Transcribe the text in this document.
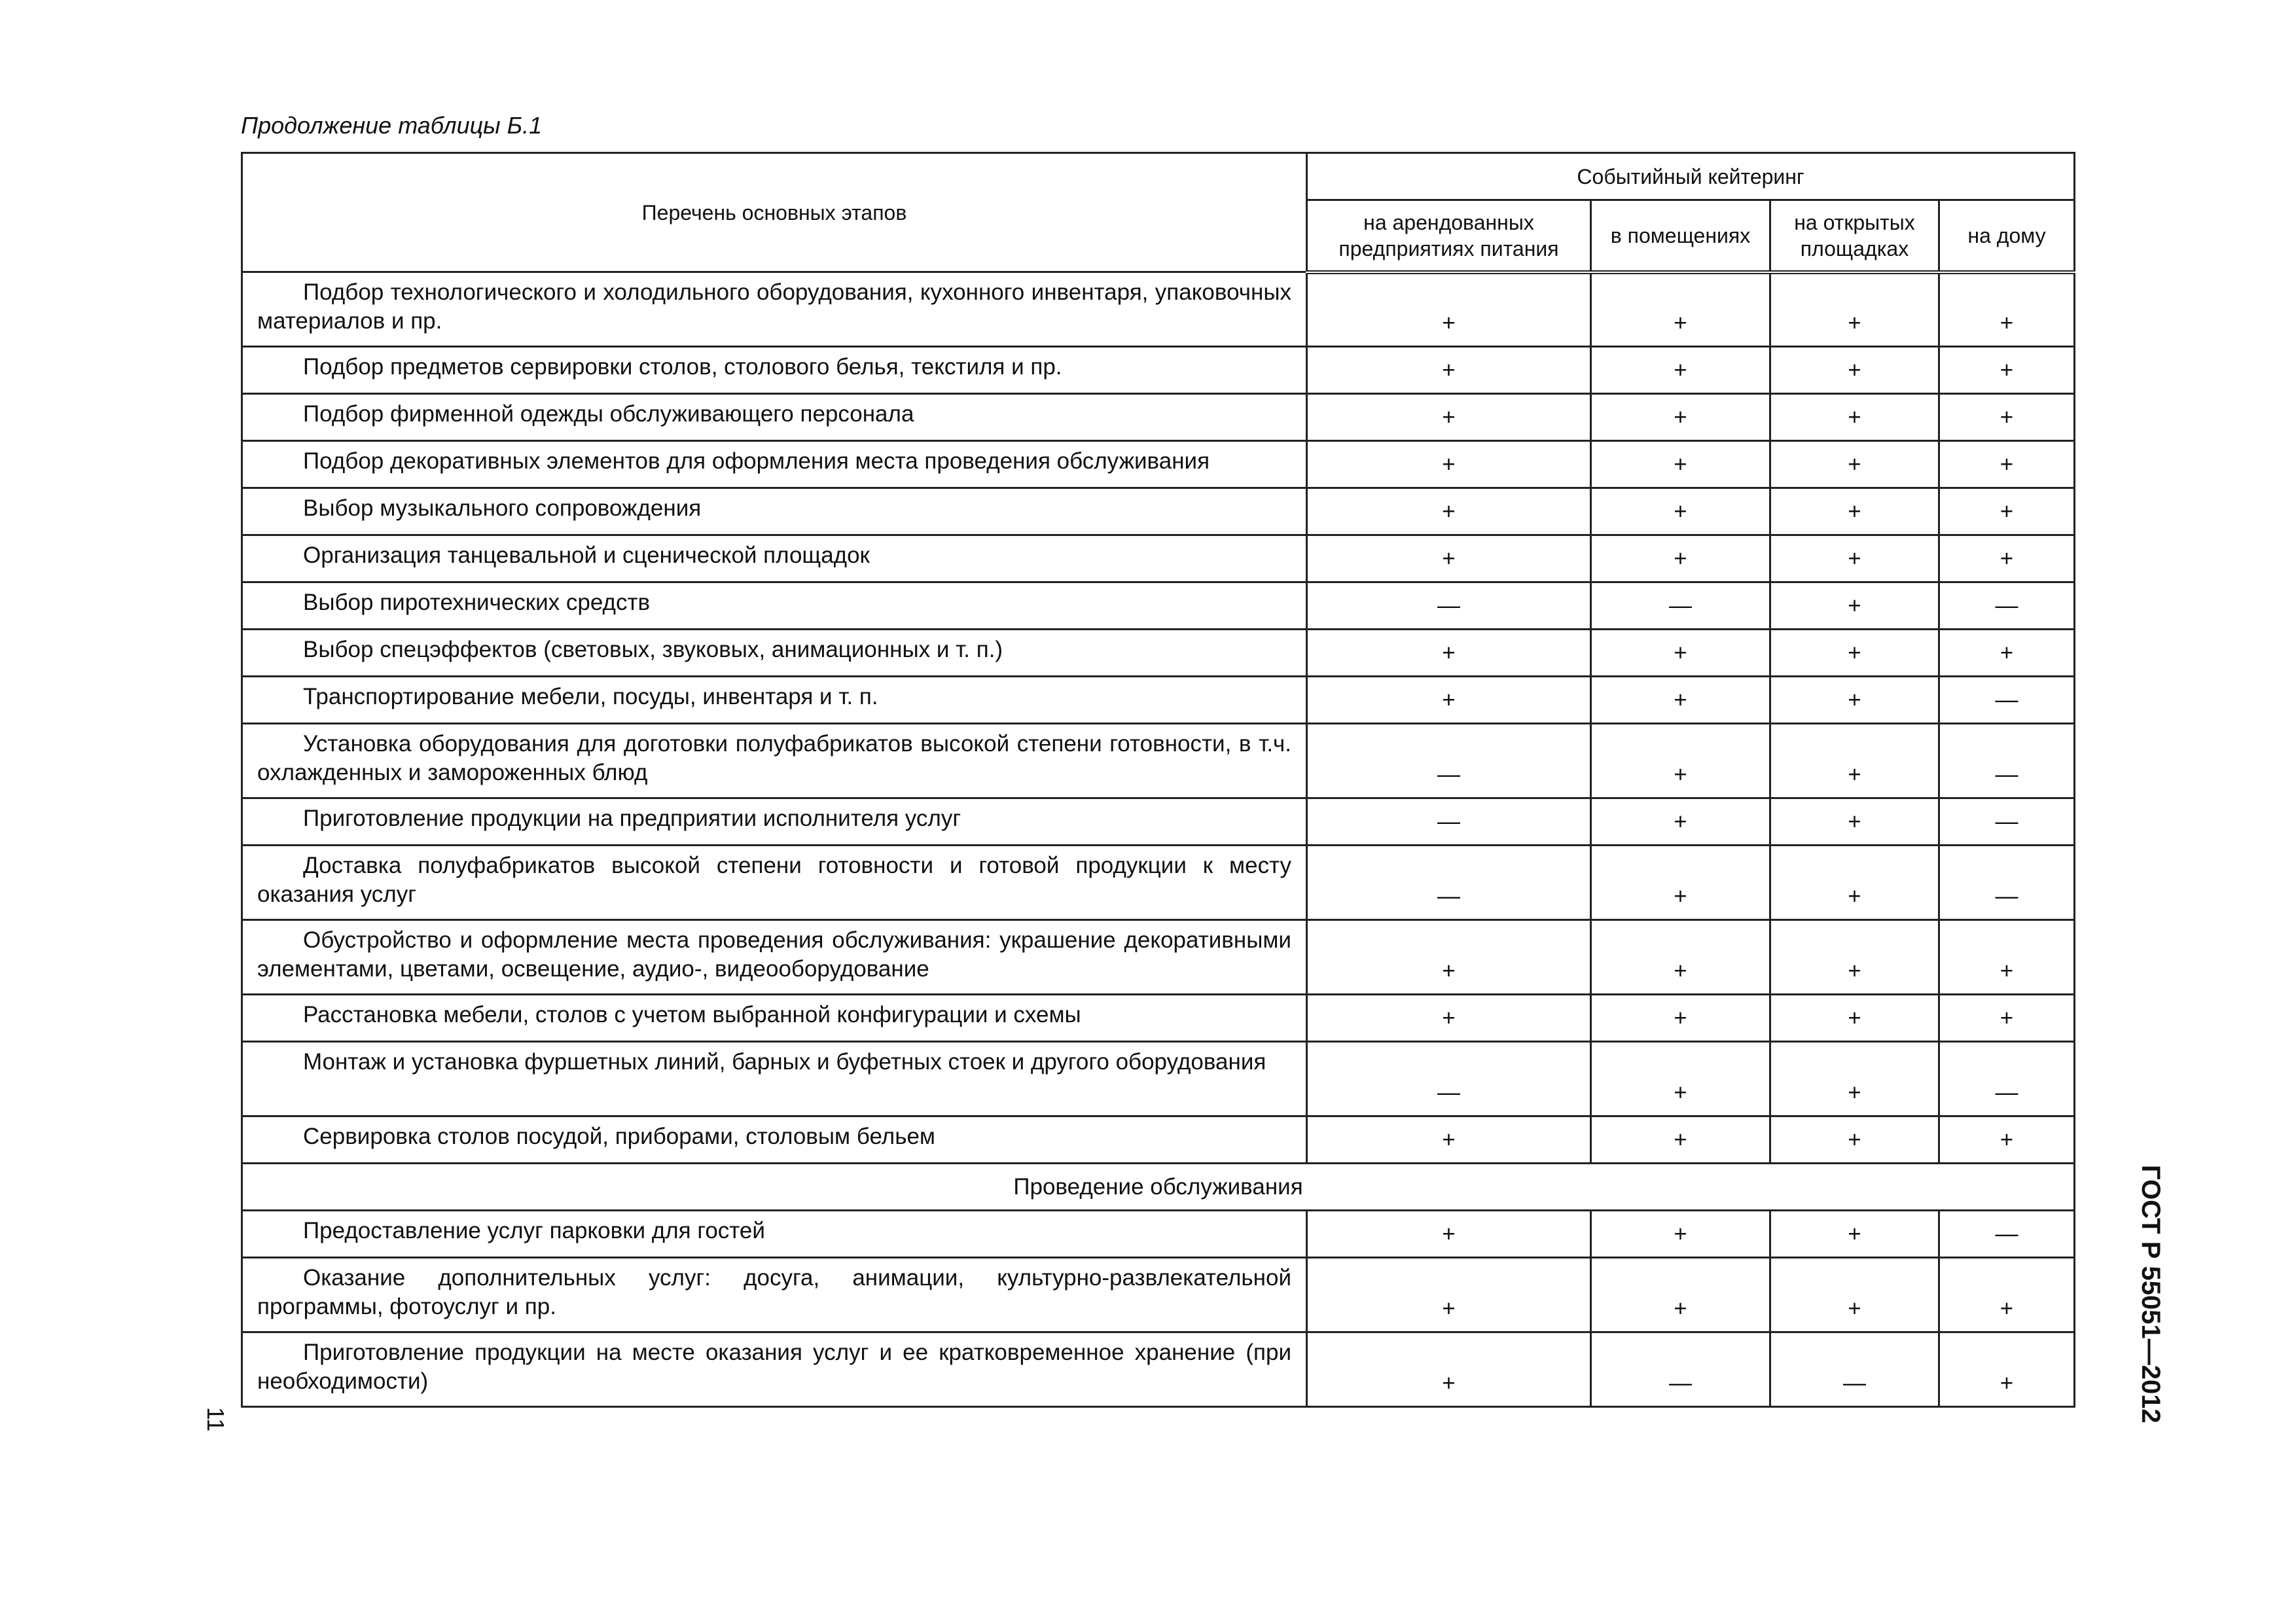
Продолжение таблицы Б.1
Перечень основных этапов	Событийный кейтеринг			
	на арендованных предприятиях питания	в помещениях	на открытых площадках	на дому
Подбор технологического и холодильного оборудования, кухонного инвентаря, упаковочных материалов и пр.	+	+	+	+
Подбор предметов сервировки столов, столового белья, текстиля и пр.	+	+	+	+
Подбор фирменной одежды обслуживающего персонала	+	+	+	+
Подбор декоративных элементов для оформления места проведения обслуживания	+	+	+	+
Выбор музыкального сопровождения	+	+	+	+
Организация танцевальной и сценической площадок	+	+	+	+
Выбор пиротехнических средств	—	—	+	—
Выбор спецэффектов (световых, звуковых, анимационных и т. п.)	+	+	+	+
Транспортирование мебели, посуды, инвентаря и т. п.	+	+	+	—
Установка оборудования для доготовки полуфабрикатов высокой степени готовности, в т.ч. охлажденных и замороженных блюд	—	+	+	—
Приготовление продукции на предприятии исполнителя услуг	—	+	+	—
Доставка полуфабрикатов высокой степени готовности и готовой продукции к месту оказания услуг	—	+	+	—
Обустройство и оформление места проведения обслуживания: украшение декоративными элементами, цветами, освещение, аудио-, видеооборудование	+	+	+	+
Расстановка мебели, столов с учетом выбранной конфигурации и схемы	+	+	+	+
Монтаж и установка фуршетных линий, барных и буфетных стоек и другого оборудования	—	+	+	—
Сервировка столов посудой, приборами, столовым бельем	+	+	+	+
Проведение обслуживания				
Предоставление услуг парковки для гостей	+	+	+	—
Оказание дополнительных услуг: досуга, анимации, культурно-развлекательной программы, фотоуслуг и пр.	+	+	+	+
Приготовление продукции на месте оказания услуг и ее кратковременное хранение (при необходимости)	+	—	—	+	ГОСТ Р 55051—2012
11
